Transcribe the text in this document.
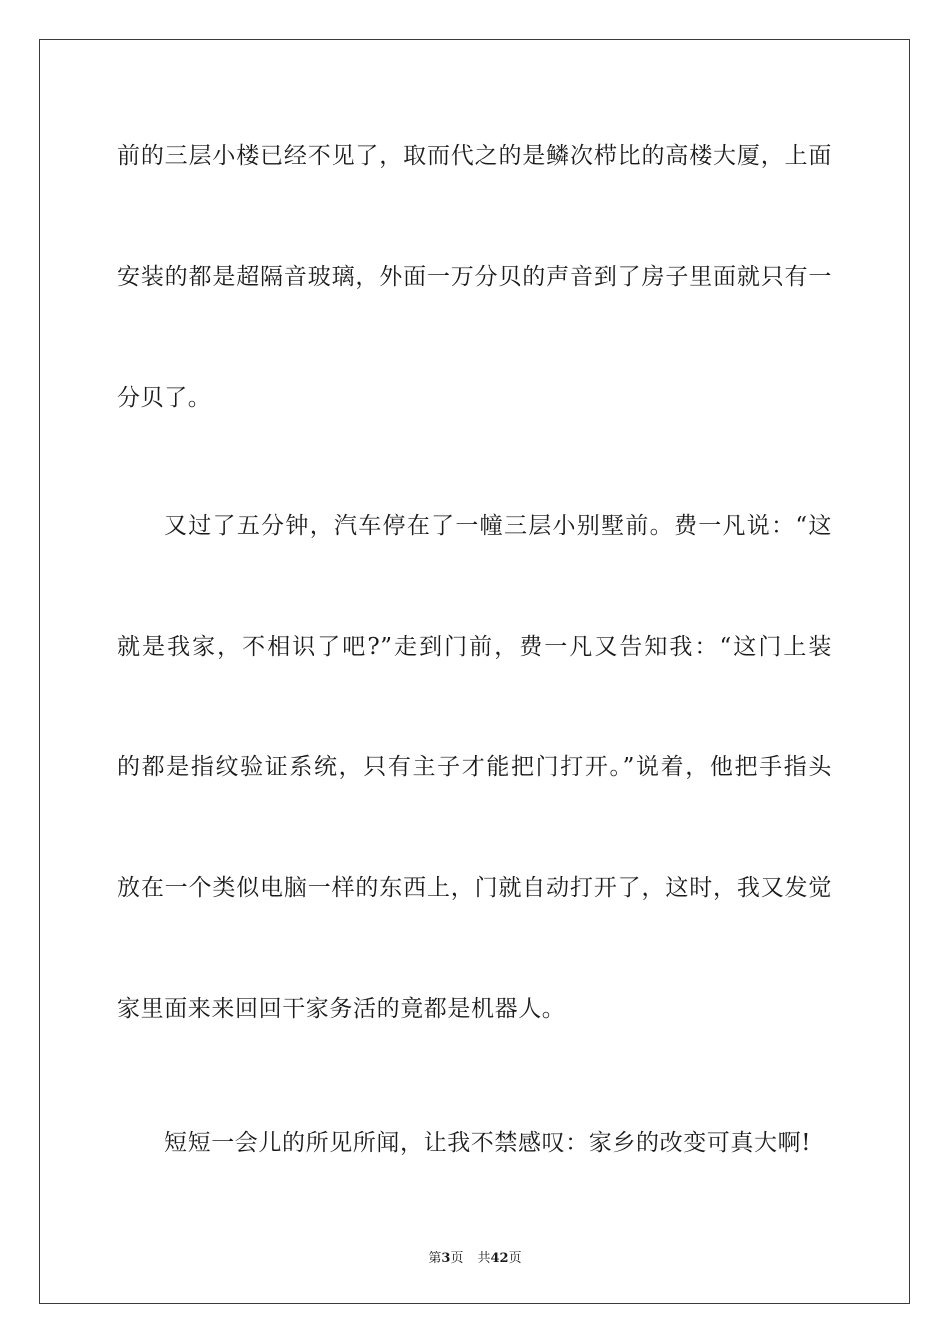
前的三层小楼已经不见了，取而代之的是鳞次栉比的高楼大厦，上面
安装的都是超隔音玻璃，外面一万分贝的声音到了房子里面就只有一
分贝了。
又过了五分钟，汽车停在了一幢三层小别墅前。费一凡说：“这
就是我家，不相识了吧?”走到门前，费一凡又告知我：“这门上装
的都是指纹验证系统，只有主子才能把门打开。”说着，他把手指头
放在一个类似电脑一样的东西上，门就自动打开了，这时，我又发觉
家里面来来回回干家务活的竟都是机器人。
短短一会儿的所见所闻，让我不禁感叹：家乡的改变可真大啊!
第3页 共42页
